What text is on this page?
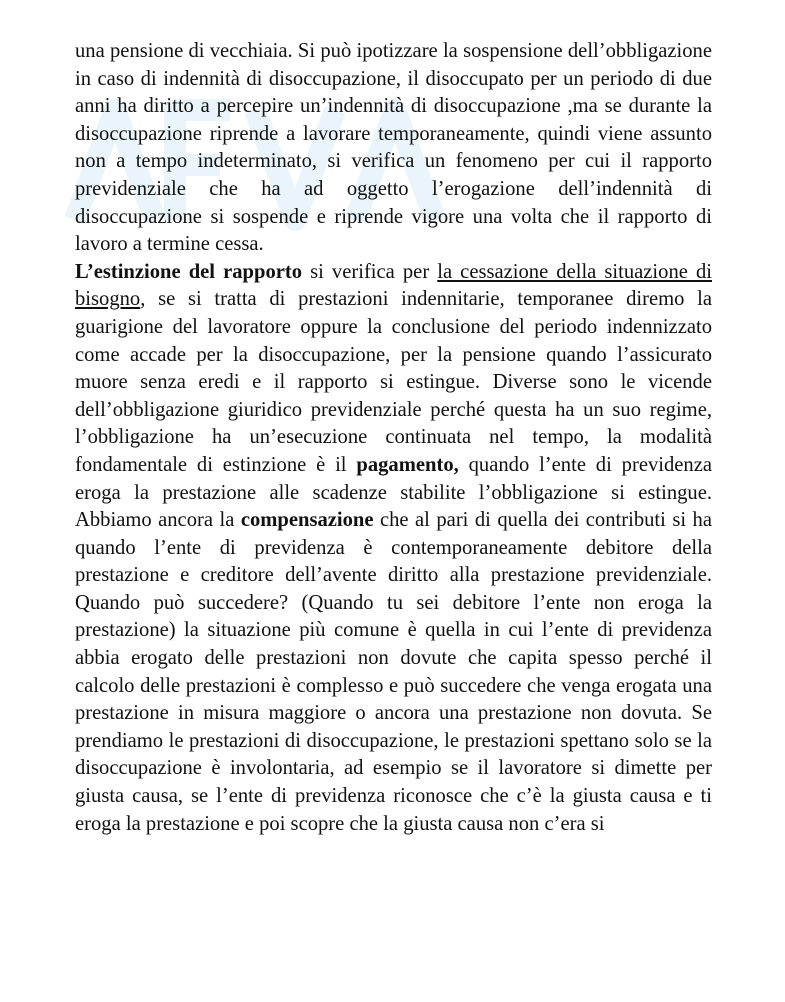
una pensione di vecchiaia. Si può ipotizzare la sospensione dell’obbligazione in caso di indennità di disoccupazione, il disoccupato per un periodo di due anni ha diritto a percepire un’indennità di disoccupazione ,ma se durante la disoccupazione riprende a lavorare temporaneamente, quindi viene assunto non a tempo indeterminato, si verifica un fenomeno per cui il rapporto previdenziale che ha ad oggetto l’erogazione dell’indennità di disoccupazione si sospende e riprende vigore una volta che il rapporto di lavoro a termine cessa.

L’estinzione del rapporto si verifica per la cessazione della situazione di bisogno, se si tratta di prestazioni indennitarie, temporanee diremo la guarigione del lavoratore oppure la conclusione del periodo indennizzato come accade per la disoccupazione, per la pensione quando l’assicurato muore senza eredi e il rapporto si estingue. Diverse sono le vicende dell’obbligazione giuridico previdenziale perché questa ha un suo regime, l’obbligazione ha un’esecuzione continuata nel tempo, la modalità fondamentale di estinzione è il pagamento, quando l’ente di previdenza eroga la prestazione alle scadenze stabilite l’obbligazione si estingue. Abbiamo ancora la compensazione che al pari di quella dei contributi si ha quando l’ente di previdenza è contemporaneamente debitore della prestazione e creditore dell’avente diritto alla prestazione previdenziale. Quando può succedere? (Quando tu sei debitore l’ente non eroga la prestazione) la situazione più comune è quella in cui l’ente di previdenza abbia erogato delle prestazioni non dovute che capita spesso perché il calcolo delle prestazioni è complesso e può succedere che venga erogata una prestazione in misura maggiore o ancora una prestazione non dovuta. Se prendiamo le prestazioni di disoccupazione, le prestazioni spettano solo se la disoccupazione è involontaria, ad esempio se il lavoratore si dimette per giusta causa, se l’ente di previdenza riconosce che c’è la giusta causa e ti eroga la prestazione e poi scopre che la giusta causa non c’era si
